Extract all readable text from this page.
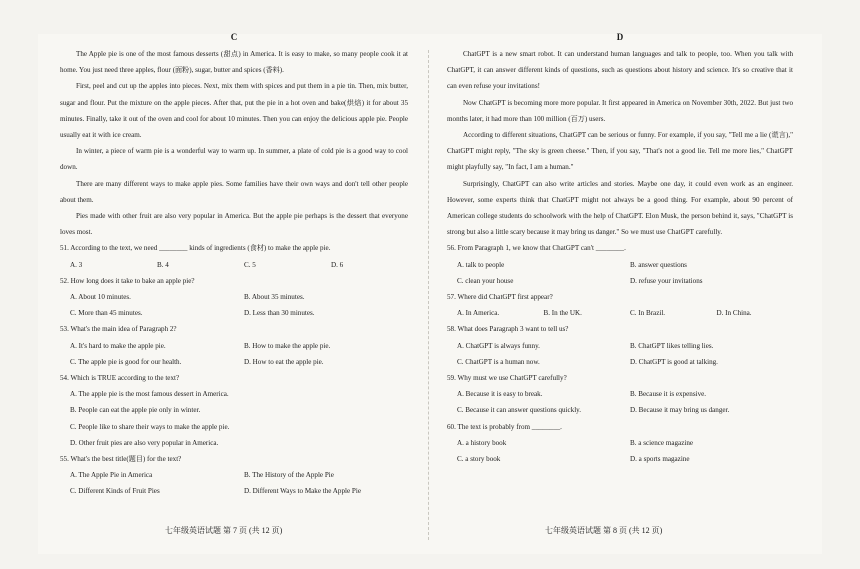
C

The Apple pie is one of the most famous desserts (甜点) in America. It is easy to make, so many people cook it at home. You just need three apples, flour (面粉), sugar, butter and spices (香料).

First, peel and cut up the apples into pieces. Next, mix them with spices and put them in a pie tin. Then, mix butter, sugar and flour. Put the mixture on the apple pieces. After that, put the pie in a hot oven and bake(烘焙) it for about 35 minutes. Finally, take it out of the oven and cool for about 10 minutes. Then you can enjoy the delicious apple pie. People usually eat it with ice cream.

In winter, a piece of warm pie is a wonderful way to warm up. In summer, a plate of cold pie is a good way to cool down.

There are many different ways to make apple pies. Some families have their own ways and don't tell other people about them.

Pies made with other fruit are also very popular in America. But the apple pie perhaps is the dessert that everyone loves most.

51. According to the text, we need ________ kinds of ingredients (食材) to make the apple pie.
A. 3	B. 4	C. 5	D. 6
52. How long does it take to bake an apple pie?
A. About 10 minutes.	B. About 35 minutes.
C. More than 45 minutes.	D. Less than 30 minutes.
53. What's the main idea of Paragraph 2?
A. It's hard to make the apple pie.	B. How to make the apple pie.
C. The apple pie is good for our health.	D. How to eat the apple pie.
54. Which is TRUE according to the text?
A. The apple pie is the most famous dessert in America.
B. People can eat the apple pie only in winter.
C. People like to share their ways to make the apple pie.
D. Other fruit pies are also very popular in America.
55. What's the best title(题目) for the text?
A. The Apple Pie in America	B. The History of the Apple Pie
C. Different Kinds of Fruit Pies	D. Different Ways to Make the Apple Pie
D

ChatGPT is a new smart robot. It can understand human languages and talk to people, too. When you talk with ChatGPT, it can answer different kinds of questions, such as questions about history and science. It's so creative that it can even refuse your invitations!

Now ChatGPT is becoming more more popular. It first appeared in America on November 30th, 2022. But just two months later, it had more than 100 million (百万) users.

According to different situations, ChatGPT can be serious or funny. For example, if you say, "Tell me a lie (谎言)," ChatGPT might reply, "The sky is green cheese." Then, if you say, "That's not a good lie. Tell me more lies," ChatGPT might playfully say, "In fact, I am a human."

Surprisingly, ChatGPT can also write articles and stories. Maybe one day, it could even work as an engineer. However, some experts think that ChatGPT might not always be a good thing. For example, about 90 percent of American college students do schoolwork with the help of ChatGPT. Elon Musk, the person behind it, says, "ChatGPT is strong but also a little scary because it may bring us danger." So we must use ChatGPT carefully.

56. From Paragraph 1, we know that ChatGPT can't ________.
A. talk to people	B. answer questions
C. clean your house	D. refuse your invitations
57. Where did ChatGPT first appear?
A. In America.	B. In the UK.	C. In Brazil.	D. In China.
58. What does Paragraph 3 want to tell us?
A. ChatGPT is always funny.	B. ChatGPT likes telling lies.
C. ChatGPT is a human now.	D. ChatGPT is good at talking.
59. Why must we use ChatGPT carefully?
A. Because it is easy to break.	B. Because it is expensive.
C. Because it can answer questions quickly.	D. Because it may bring us danger.
60. The text is probably from ________.
A. a history book	B. a science magazine
C. a story book	D. a sports magazine
七年级英语试题 第 7 页 (共 12 页)	七年级英语试题 第 8 页 (共 12 页)
